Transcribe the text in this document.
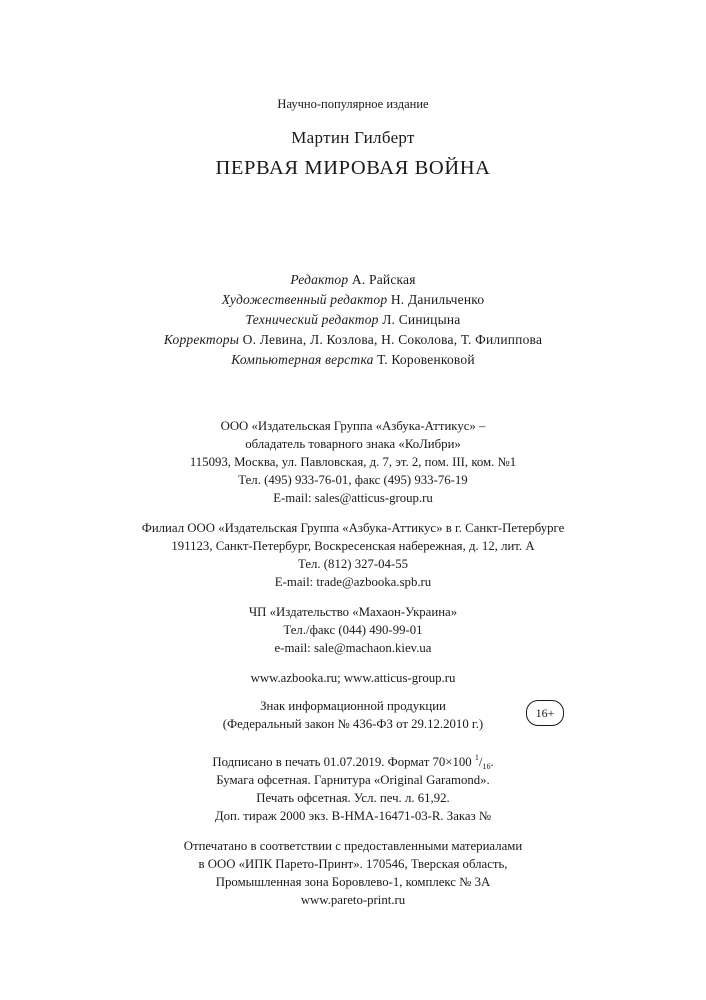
Научно-популярное издание
Мартин Гилберт
ПЕРВАЯ МИРОВАЯ ВОЙНА
Редактор А. Райская
Художественный редактор Н. Данильченко
Технический редактор Л. Синицына
Корректоры О. Левина, Л. Козлова, Н. Соколова, Т. Филиппова
Компьютерная верстка Т. Коровенковой
ООО «Издательская Группа «Азбука-Аттикус» –
обладатель товарного знака «КоЛибри»
115093, Москва, ул. Павловская, д. 7, эт. 2, пом. III, ком. №1
Тел. (495) 933-76-01, факс (495) 933-76-19
E-mail: sales@atticus-group.ru
Филиал ООО «Издательская Группа «Азбука-Аттикус» в г. Санкт-Петербурге
191123, Санкт-Петербург, Воскресенская набережная, д. 12, лит. А
Тел. (812) 327-04-55
E-mail: trade@azbooka.spb.ru
ЧП «Издательство «Махаон-Украина»
Тел./факс (044) 490-99-01
e-mail: sale@machaon.kiev.ua
www.azbooka.ru; www.atticus-group.ru
Знак информационной продукции
(Федеральный закон № 436-ФЗ от 29.12.2010 г.)
16+
Подписано в печать 01.07.2019. Формат 70×100 $^1/_{16}$.
Бумага офсетная. Гарнитура «Original Garamond».
Печать офсетная. Усл. печ. л. 61,92.
Доп. тираж 2000 экз. B-HMA-16471-03-R. Заказ №
Отпечатано в соответствии с предоставленными материалами
в ООО «ИПК Парето-Принт». 170546, Тверская область,
Промышленная зона Боровлево-1, комплекс № 3А
www.pareto-print.ru
